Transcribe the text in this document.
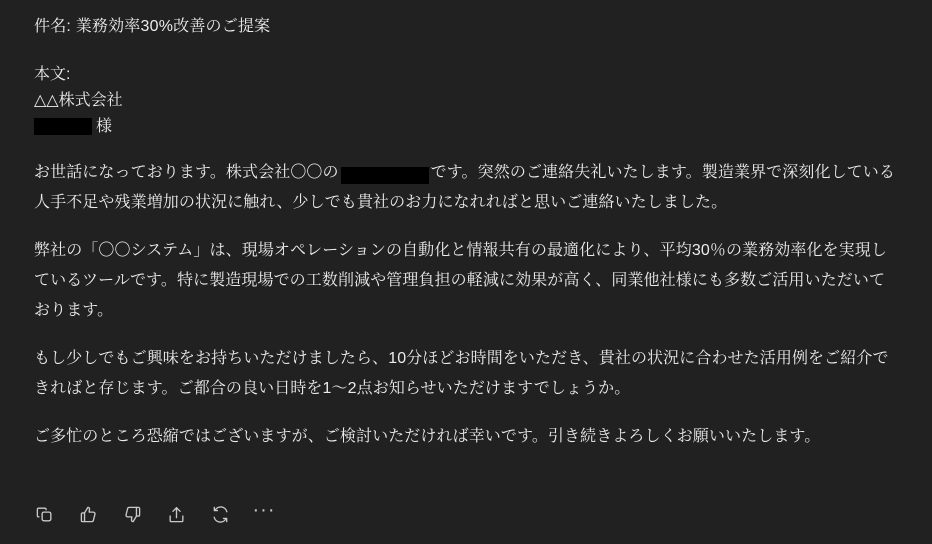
件名: 業務効率30%改善のご提案
本文:
△△株式会社
様

お世話になっております。株式会社〇〇の	です。突然のご連絡失礼いたします。製造業界で深刻化している人手不足や残業増加の状況に触れ、少しでも貴社のお力になれればと思いご連絡いたしました。

弊社の「〇〇システム」は、現場オペレーションの自動化と情報共有の最適化により、平均30％の業務効率化を実現しているツールです。特に製造現場での工数削減や管理負担の軽減に効果が高く、同業他社様にも多数ご活用いただいております。

もし少しでもご興味をお持ちいただけましたら、10分ほどお時間をいただき、貴社の状況に合わせた活用例をご紹介できればと存じます。ご都合の良い日時を1〜2点お知らせいただけますでしょうか。

ご多忙のところ恐縮ではございますが、ご検討いただければ幸いです。引き続きよろしくお願いいたします。

···
